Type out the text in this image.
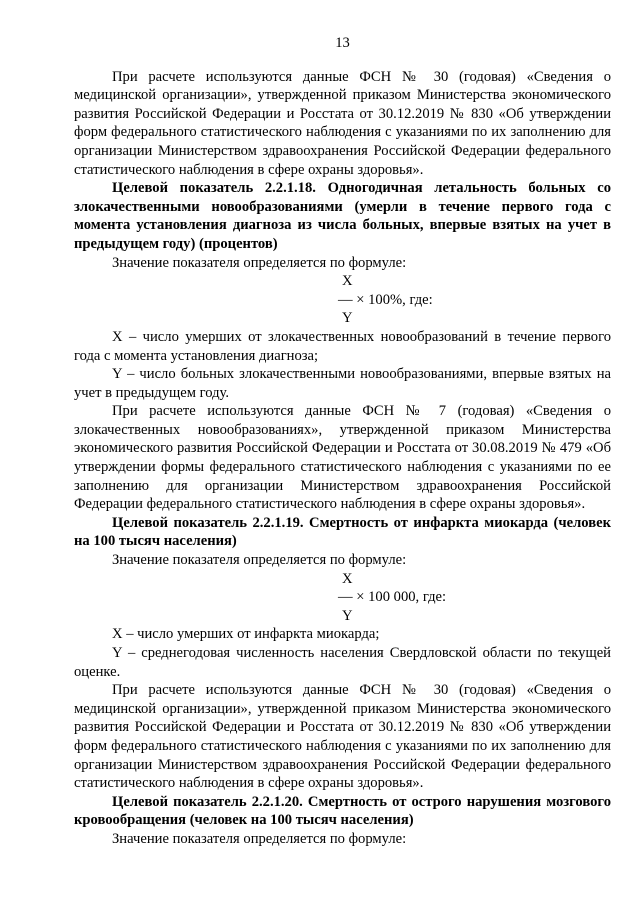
13

При расчете используются данные ФСН № 30 (годовая) «Сведения о медицинской организации», утвержденной приказом Министерства экономического развития Российской Федерации и Росстата от 30.12.2019 № 830 «Об утверждении форм федерального статистического наблюдения с указаниями по их заполнению для организации Министерством здравоохранения Российской Федерации федерального статистического наблюдения в сфере охраны здоровья».

Целевой показатель 2.2.1.18. Одногодичная летальность больных со злокачественными новообразованиями (умерли в течение первого года с момента установления диагноза из числа больных, впервые взятых на учет в предыдущем году) (процентов)

Значение показателя определяется по формуле:

X
— × 100%, где:
Y

X – число умерших от злокачественных новообразований в течение первого года с момента установления диагноза;

Y – число больных злокачественными новообразованиями, впервые взятых на учет в предыдущем году.

При расчете используются данные ФСН № 7 (годовая) «Сведения о злокачественных новообразованиях», утвержденной приказом Министерства экономического развития Российской Федерации и Росстата от 30.08.2019 № 479 «Об утверждении формы федерального статистического наблюдения с указаниями по ее заполнению для организации Министерством здравоохранения Российской Федерации федерального статистического наблюдения в сфере охраны здоровья».

Целевой показатель 2.2.1.19. Смертность от инфаркта миокарда (человек на 100 тысяч населения)

Значение показателя определяется по формуле:

X
— × 100 000, где:
Y

X – число умерших от инфаркта миокарда;

Y – среднегодовая численность населения Свердловской области по текущей оценке.

При расчете используются данные ФСН № 30 (годовая) «Сведения о медицинской организации», утвержденной приказом Министерства экономического развития Российской Федерации и Росстата от 30.12.2019 № 830 «Об утверждении форм федерального статистического наблюдения с указаниями по их заполнению для организации Министерством здравоохранения Российской Федерации федерального статистического наблюдения в сфере охраны здоровья».

Целевой показатель 2.2.1.20. Смертность от острого нарушения мозгового кровообращения (человек на 100 тысяч населения)

Значение показателя определяется по формуле:
